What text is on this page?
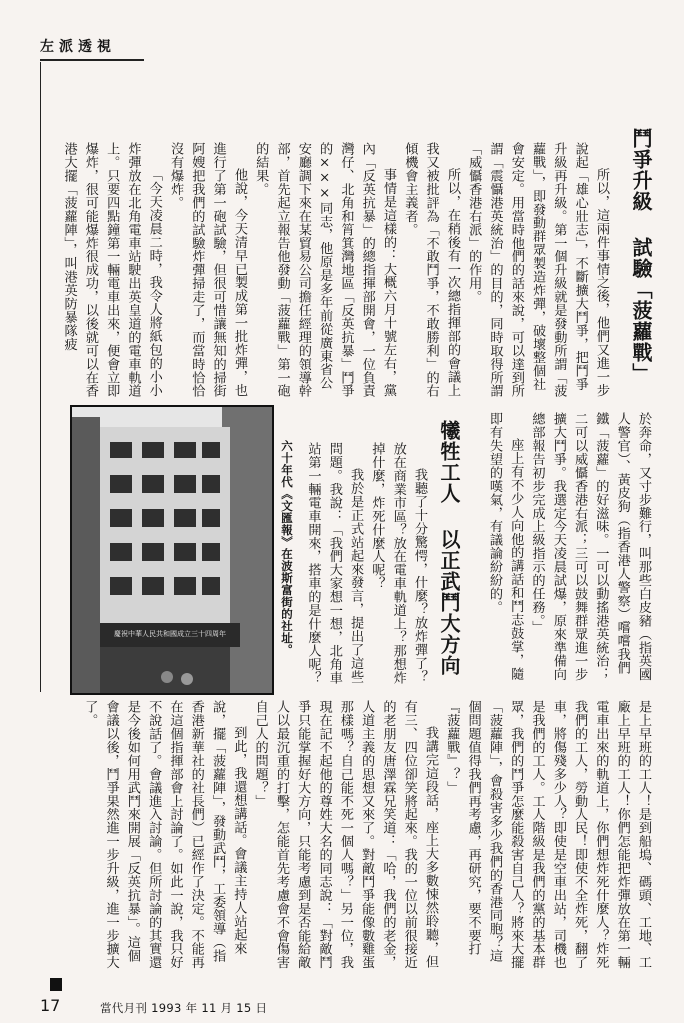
左派透視
鬥爭升級 試驗「菠蘿戰」

所以，這兩件事情之後，他們又進一步說起「雄心壯志」，不斷擴大鬥爭，把鬥爭升級再升級。第一個升級就是發動所謂「菠蘿戰」，即發動群眾製造炸彈，破壞整個社會安定。用當時他們的話來說，可以達到所謂「震懾港英統治」的目的，同時取得所謂「威懾香港右派」的作用。

所以，在稍後有一次總指揮部的會議上我又被批評為「不敢鬥爭，不敢勝利」的右傾機會主義者。

事情是這樣的：大概六月十號左右，黨內「反英抗暴」的總指揮部開會，一位負責灣仔、北角和筲箕灣地區「反英抗暴」鬥爭的×××同志，他原是多年前從廣東省公安廳調下來在某貿易公司擔任經理的領導幹部，首先起立報告他發動「菠蘿戰」第一砲的結果。

他說，今天清早已製成第一批炸彈，也進行了第一砲試驗，但很可惜讓無知的掃街阿嫂把我們的試驗炸彈掃走了，而當時恰恰沒有爆炸。

「今天凌晨二時，我令人將紙包的小小炸彈放在北角電車站駛出英皇道的電車軌道上。只要四點鐘第一輛電車出來，便會立即爆炸，很可能爆炸很成功，以後就可以在香港大擺「菠蘿陣」，叫港英防暴隊疲

於奔命，又寸步難行，叫那些白皮豬（指英國人警官）、黃皮狗（指香港人警察）嚐嚐我們鐵「菠蘿」的好滋味。一可以動搖港英統治；二可以威懾香港右派；三可以鼓舞群眾進一步擴大鬥爭。我選定今天凌晨試爆，原來準備向總部報告初步完成上級指示的任務。」

座上有不少人向他的講話和鬥志鼓掌，隨即有失望的嘆氣，有議論紛紛的。

犧牲工人 以正武鬥大方向

我聽了十分驚愕，什麼？放炸彈了？放在商業市區？放在電車軌道上？那想炸掉什麼，炸死什麼人呢？

我於是正式站起來發言，提出了這些問題。我說：「我們大家想一想，北角車站第一輛電車開來，搭車的是什麼人呢？

六十年代《文匯報》在波斯富街的社址。
慶祝中華人民共和國成立三十四周年

是上早班的工人！是到船塢、碼頭、工地、工廠上早班的工人！你們怎能把炸彈放在第一輛電車出來的軌道上，你們想炸死什麼人？炸死我們的工人，勞動人民！即使不全炸死，翻了車，將傷殘多少人？即使是空車出站，司機也是我們的工人。工人階級是我們的黨的基本群眾，我們的鬥爭怎麼能殺害自己人？將來大擺「菠蘿陣」，會殺害多少我們的香港同胞？這個問題值得我們再考慮，再研究，要不要打『菠蘿戰』？」

我講完這段話，座上大多數悚然聆聽，但有三、四位卻笑將起來。我的一位以前很接近的老朋友唐澤霖兄笑道：「哈，我們的老金，人道主義的思想又來了。對敵鬥爭能像數雞蛋那樣嗎？自己能不死一個人嗎？」另一位，我現在記不起他的尊姓大名的同志說：「對敵鬥爭只能掌握好大方向，只能考慮到是否能給敵人以最沉重的打擊，怎能首先考慮會不會傷害自己人的問題？」

到此，我還想講話。會議主持人站起來說，擺「菠蘿陣」，發動武鬥，工委領導（指香港新華社的社長們）已經作了決定。不能再在這個指揮部會上討論了。如此一說，我只好不說話了。會議進入討論。但所討論的其實還是今後如何用武鬥來開展「反英抗暴」。這個會議以後，鬥爭果然進一步升級，進一步擴大了。

17	當代月刊 1993 年 11 月 15 日
